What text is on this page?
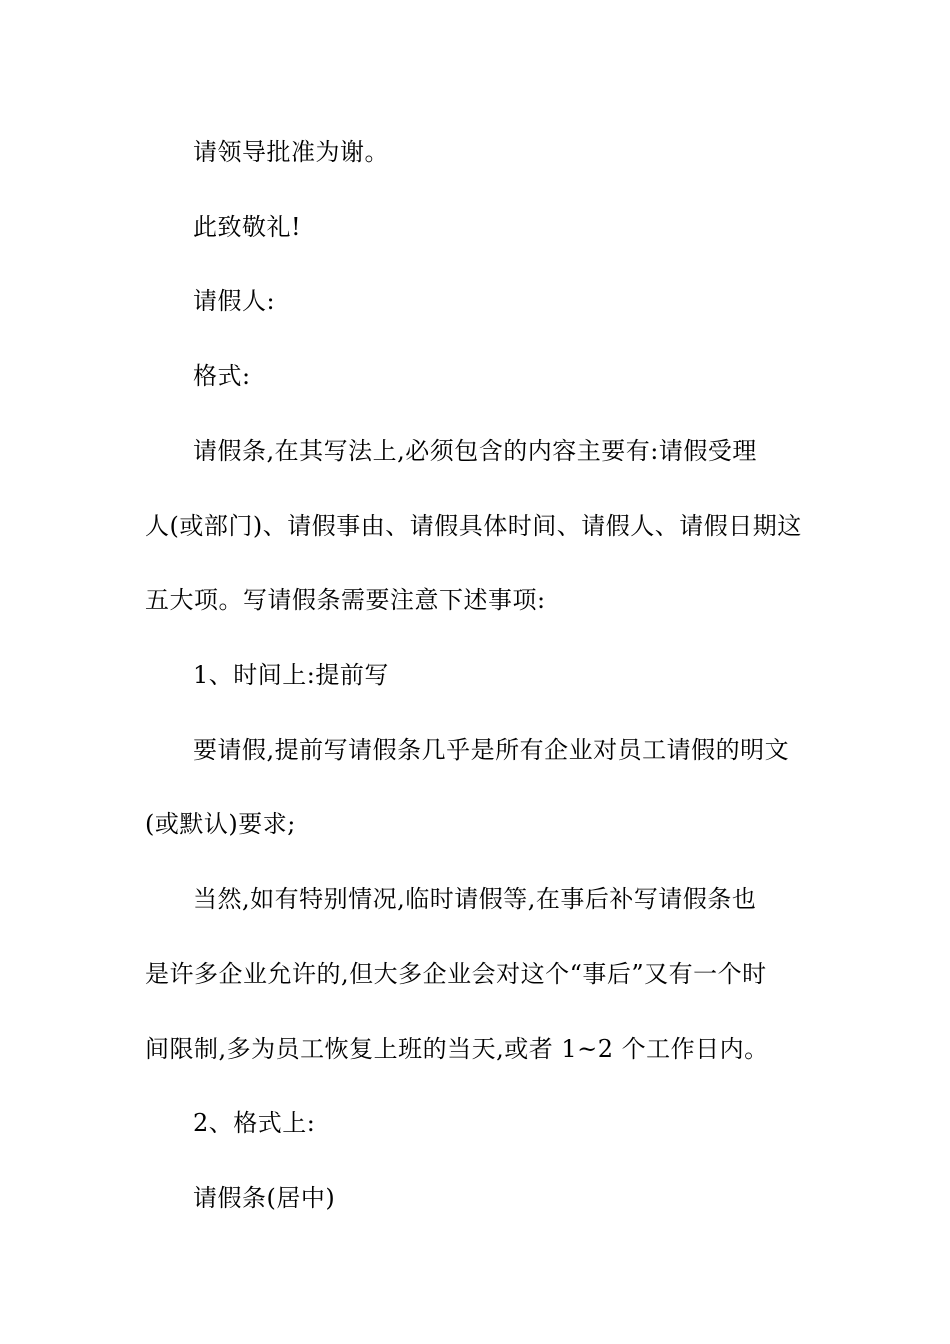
请领导批准为谢。
此致敬礼!
请假人:
格式:
请假条,在其写法上,必须包含的内容主要有:请假受理
人(或部门)、请假事由、请假具体时间、请假人、请假日期这
五大项。写请假条需要注意下述事项:
1、时间上:提前写
要请假,提前写请假条几乎是所有企业对员工请假的明文
(或默认)要求;
当然,如有特别情况,临时请假等,在事后补写请假条也
是许多企业允许的,但大多企业会对这个“事后”又有一个时
间限制,多为员工恢复上班的当天,或者 1~2 个工作日内。
2、格式上:
请假条(居中)
